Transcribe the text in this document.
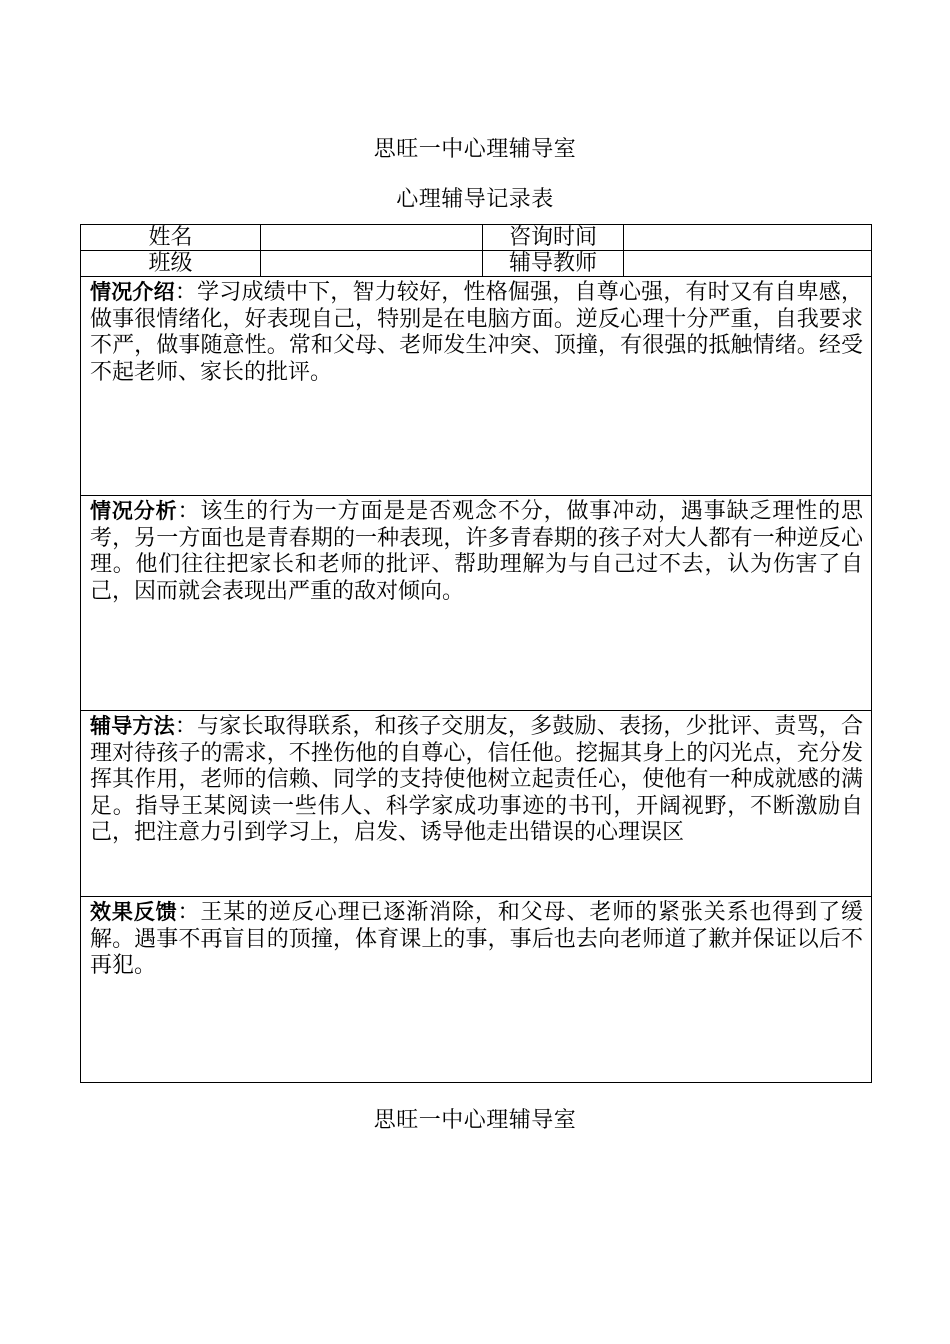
思旺一中心理辅导室
心理辅导记录表
姓名		咨询时间	
班级		辅导教师	
情况介绍：学习成绩中下，智力较好，性格倔强，自尊心强，有时又有自卑感，做事很情绪化，好表现自己，特别是在电脑方面。逆反心理十分严重，自我要求不严，做事随意性。常和父母、老师发生冲突、顶撞，有很强的抵触情绪。经受不起老师、家长的批评。			
情况分析：该生的行为一方面是是否观念不分，做事冲动，遇事缺乏理性的思考，另一方面也是青春期的一种表现，许多青春期的孩子对大人都有一种逆反心理。他们往往把家长和老师的批评、帮助理解为与自己过不去，认为伤害了自己，因而就会表现出严重的敌对倾向。			
辅导方法：与家长取得联系，和孩子交朋友，多鼓励、表扬，少批评、责骂，合理对待孩子的需求，不挫伤他的自尊心，信任他。挖掘其身上的闪光点，充分发挥其作用，老师的信赖、同学的支持使他树立起责任心，使他有一种成就感的满足。指导王某阅读一些伟人、科学家成功事迹的书刊，开阔视野，不断激励自己，把注意力引到学习上，启发、诱导他走出错误的心理误区			
效果反馈：王某的逆反心理已逐渐消除，和父母、老师的紧张关系也得到了缓解。遇事不再盲目的顶撞，体育课上的事，事后也去向老师道了歉并保证以后不再犯。			
思旺一中心理辅导室
